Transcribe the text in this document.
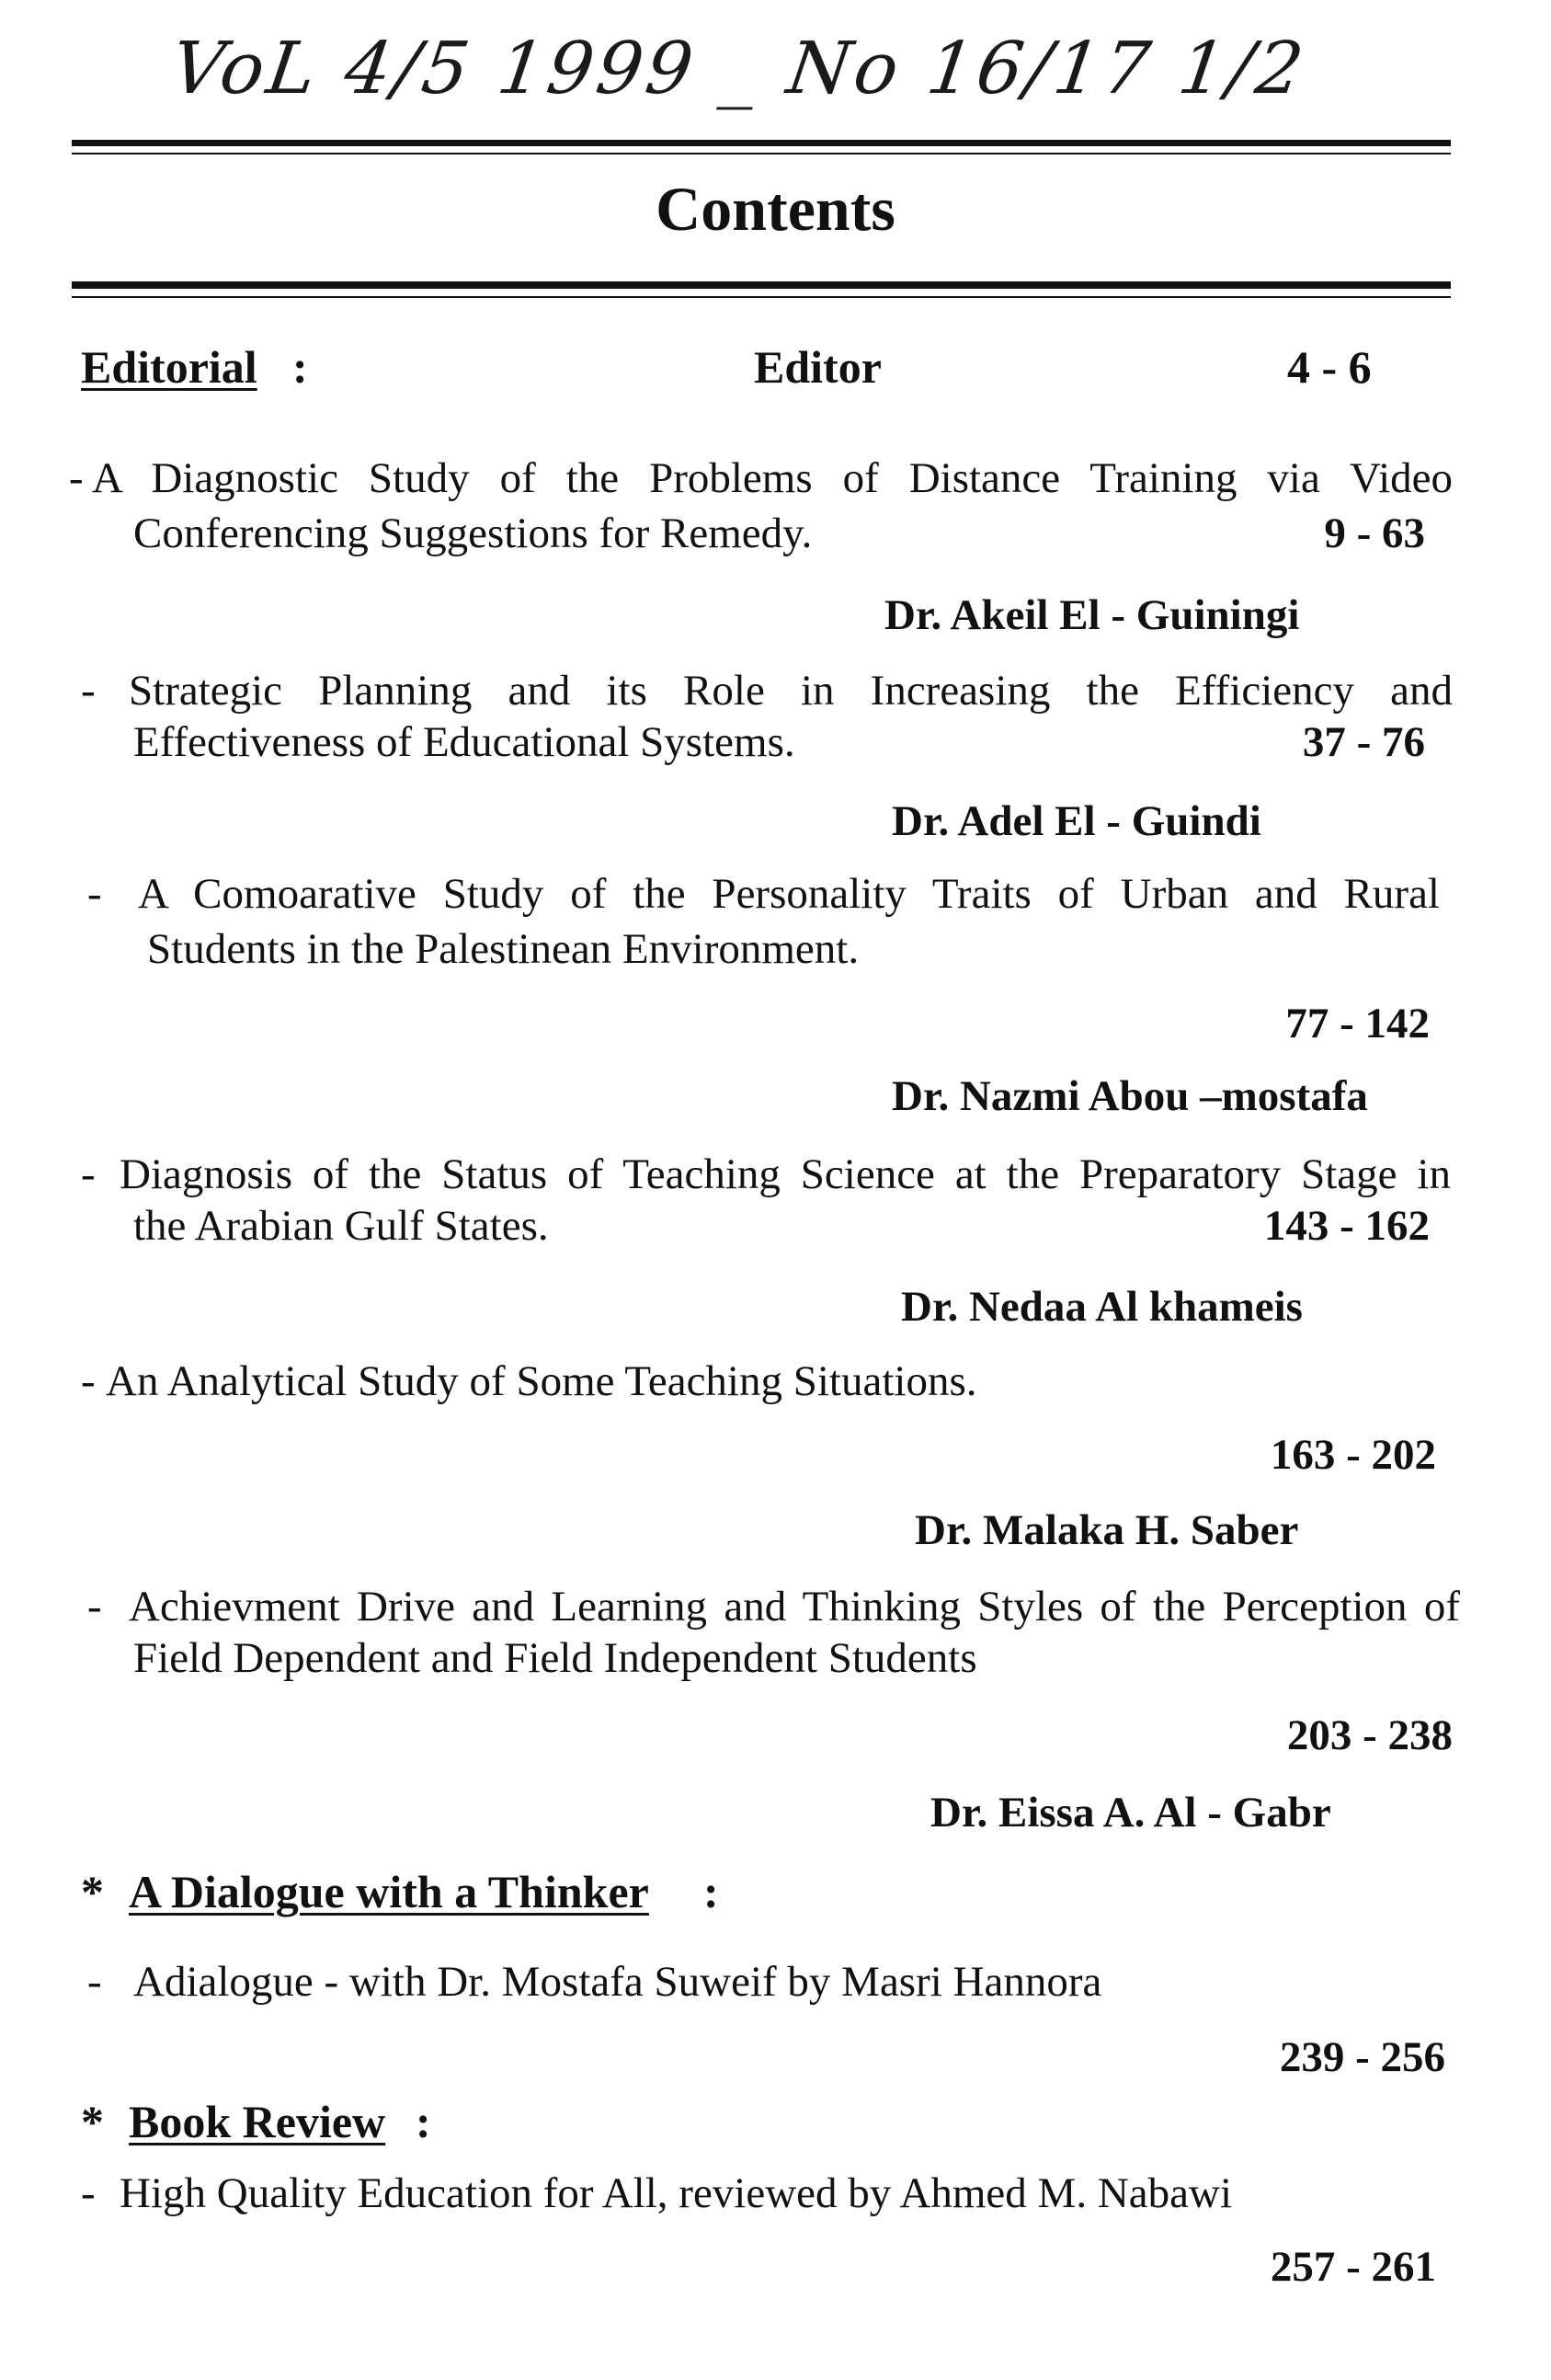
VoL 4/5 1999 _ No 16/17 1/2
Contents
Editorial :	Editor	4 - 6
- A Diagnostic Study of the Problems of Distance Training via Video
Conferencing Suggestions for Remedy.	9 - 63
Dr. Akeil El - Guiningi
- Strategic Planning and its Role in Increasing the Efficiency and
Effectiveness of Educational Systems.	37 - 76
Dr. Adel El - Guindi
- A Comoarative Study of the Personality Traits of Urban and Rural
Students in the Palestinean Environment.
77 - 142
Dr. Nazmi Abou –mostafa
- Diagnosis of the Status of Teaching Science at the Preparatory Stage in
the Arabian Gulf States.	143 - 162
Dr. Nedaa Al khameis
- An Analytical Study of Some Teaching Situations.
163 - 202
Dr. Malaka H. Saber
- Achievment Drive and Learning and Thinking Styles of the Perception of
Field Dependent and Field Independent Students
203 - 238
Dr. Eissa A. Al - Gabr
* A Dialogue with a Thinker :
- Adialogue - with Dr. Mostafa Suweif by Masri Hannora
239 - 256
* Book Review :
- High Quality Education for All, reviewed by Ahmed M. Nabawi
257 - 261
